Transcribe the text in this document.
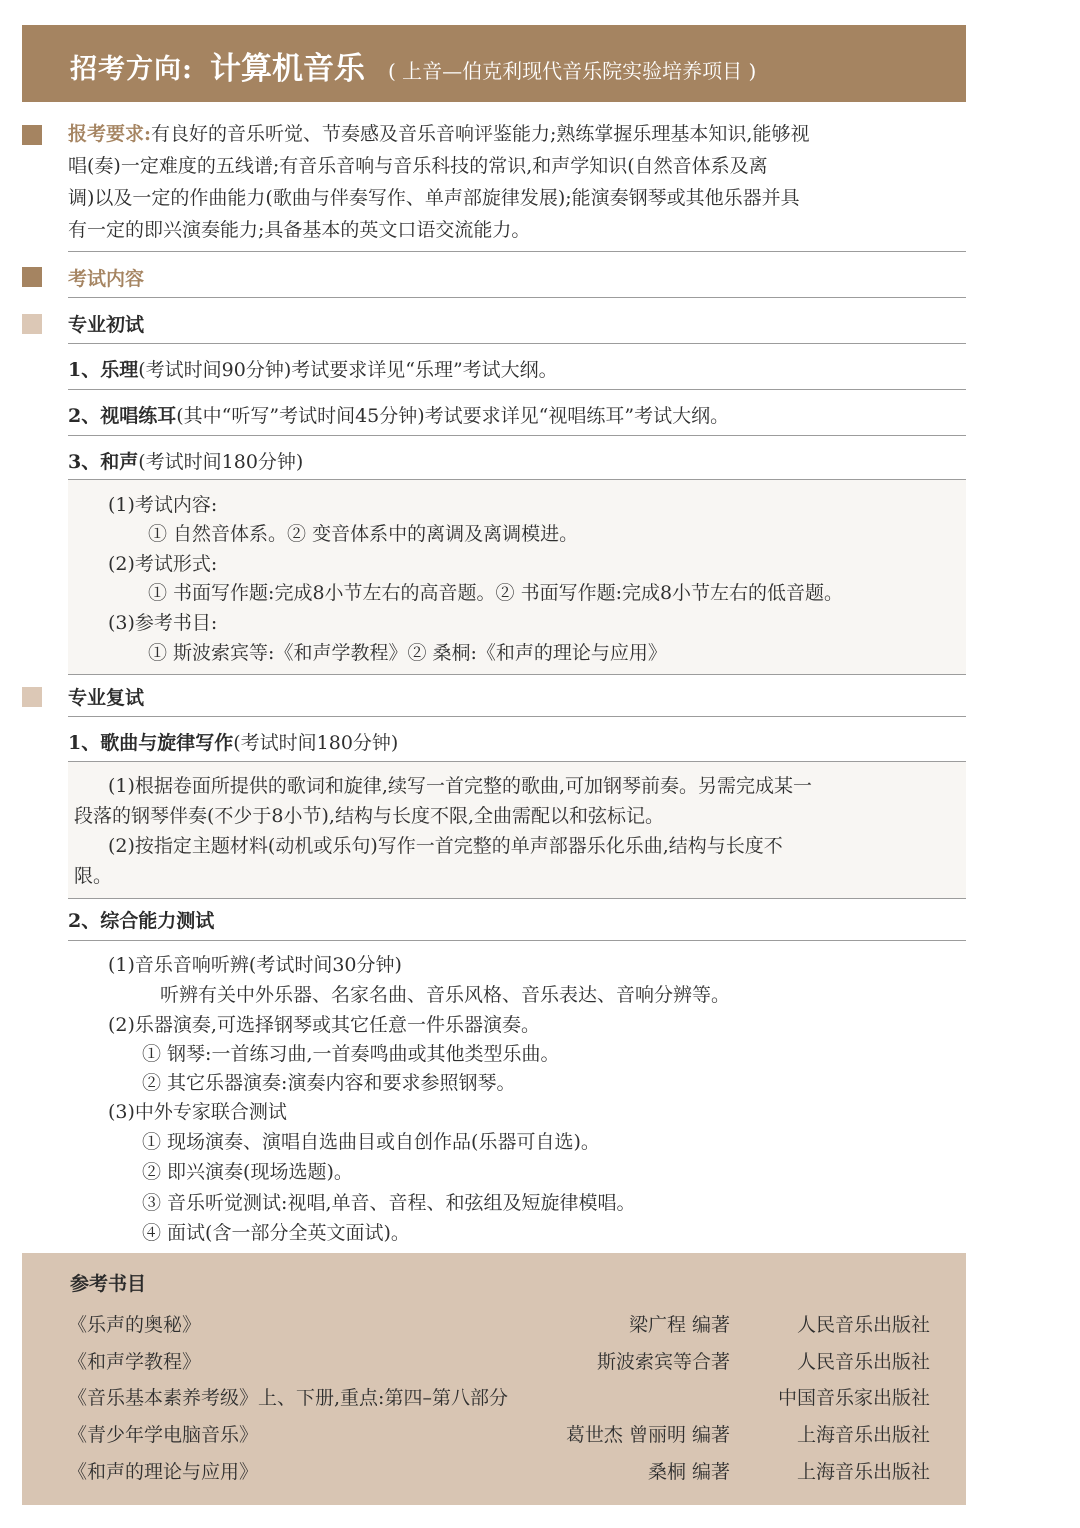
招考方向: 计算机音乐 ( 上音—伯克利现代音乐院实验培养项目 )
报考要求:有良好的音乐听觉、节奏感及音乐音响评鉴能力;熟练掌握乐理基本知识,能够视
唱(奏)一定难度的五线谱;有音乐音响与音乐科技的常识,和声学知识(自然音体系及离
调)以及一定的作曲能力(歌曲与伴奏写作、单声部旋律发展);能演奏钢琴或其他乐器并具
有一定的即兴演奏能力;具备基本的英文口语交流能力。
考试内容
专业初试
1、乐理(考试时间90分钟)考试要求详见“乐理”考试大纲。
2、视唱练耳(其中“听写”考试时间45分钟)考试要求详见“视唱练耳”考试大纲。
3、和声(考试时间180分钟)
(1)考试内容:
① 自然音体系。② 变音体系中的离调及离调模进。
(2)考试形式:
① 书面写作题:完成8小节左右的高音题。② 书面写作题:完成8小节左右的低音题。
(3)参考书目:
① 斯波索宾等:《和声学教程》② 桑桐:《和声的理论与应用》
专业复试
1、歌曲与旋律写作(考试时间180分钟)
(1)根据卷面所提供的歌词和旋律,续写一首完整的歌曲,可加钢琴前奏。另需完成某一
段落的钢琴伴奏(不少于8小节),结构与长度不限,全曲需配以和弦标记。
(2)按指定主题材料(动机或乐句)写作一首完整的单声部器乐化乐曲,结构与长度不
限。
2、综合能力测试
(1)音乐音响听辨(考试时间30分钟)
听辨有关中外乐器、名家名曲、音乐风格、音乐表达、音响分辨等。
(2)乐器演奏,可选择钢琴或其它任意一件乐器演奏。
① 钢琴:一首练习曲,一首奏鸣曲或其他类型乐曲。
② 其它乐器演奏:演奏内容和要求参照钢琴。
(3)中外专家联合测试
① 现场演奏、演唱自选曲目或自创作品(乐器可自选)。
② 即兴演奏(现场选题)。
③ 音乐听觉测试:视唱,单音、音程、和弦组及短旋律模唱。
④ 面试(含一部分全英文面试)。
参考书目
《乐声的奥秘》	梁广程 编著	人民音乐出版社
《和声学教程》	斯波索宾等合著	人民音乐出版社
《音乐基本素养考级》上、下册,重点:第四–第八部分	中国音乐家出版社
《青少年学电脑音乐》	葛世杰 曾丽明 编著	上海音乐出版社
《和声的理论与应用》	桑桐 编著	上海音乐出版社
